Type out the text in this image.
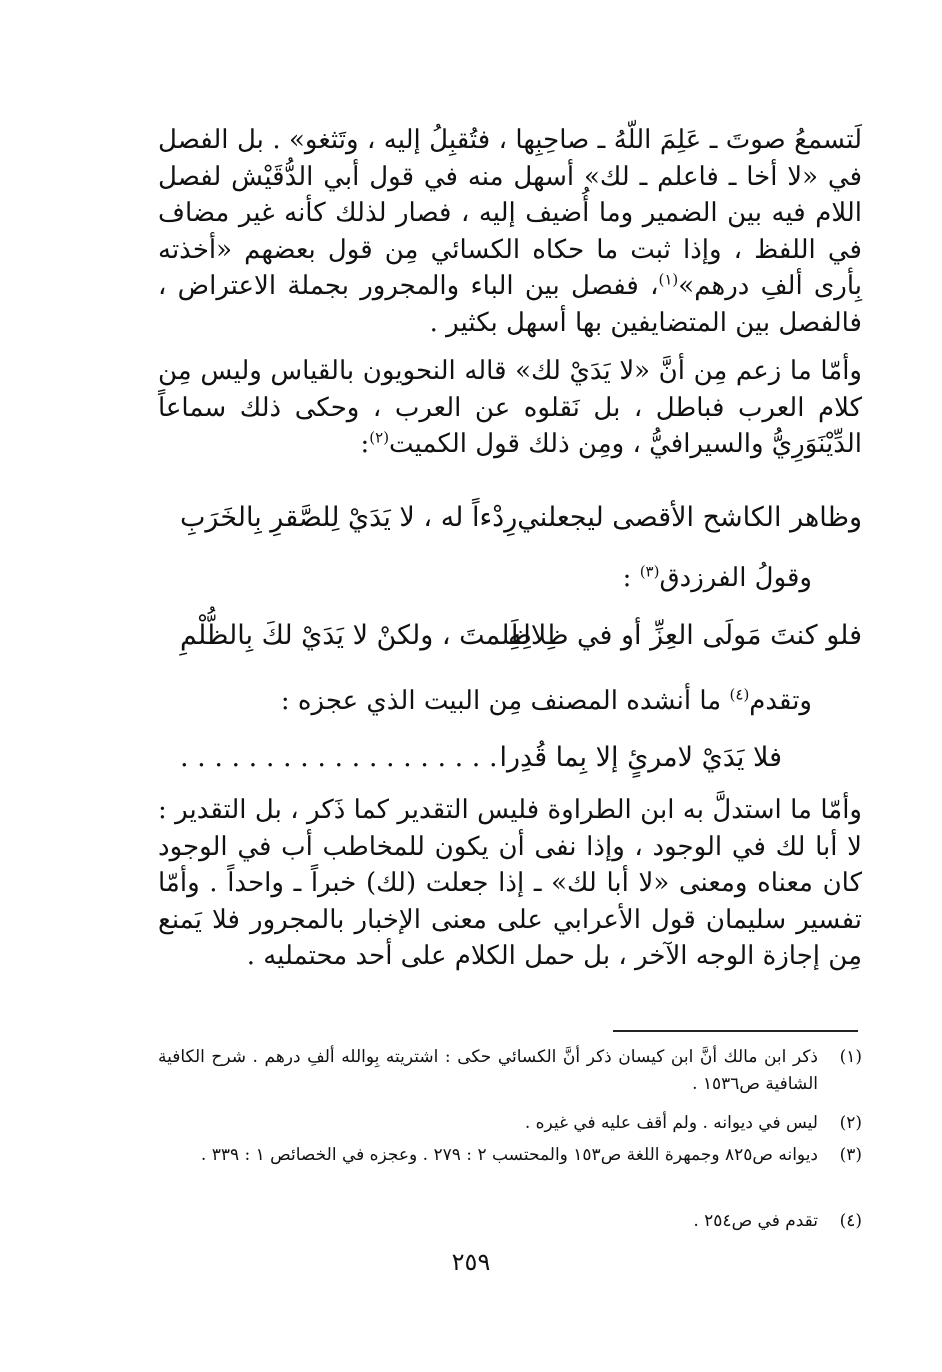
لَتسمعُ صوتَ ـ عَلِمَ اللّهُ ـ صاحِبِها ، فتُقبِلُ إليه ، وتَثغو» . بل الفصل في «لا أخا ـ فاعلم ـ لك» أسهل منه في قول أبي الدُّقَيْش لفصل اللام فيه بين الضمير وما أُضيف إليه ، فصار لذلك كأنه غير مضاف في اللفظ ، وإذا ثبت ما حكاه الكسائي مِن قول بعضهم «أخذته بِأرى ألفِ درهم»$^{(١)}$، ففصل بين الباء والمجرور بجملة الاعتراض ، فالفصل بين المتضايفين بها أسهل بكثير .

وأمّا ما زعم مِن أنَّ «لا يَدَيْ لك» قاله النحويون بالقياس وليس مِن كلام العرب فباطل ، بل نَقلوه عن العرب ، وحكى ذلك سماعاً الدِّيْنَوَرِيُّ والسيرافيُّ ، ومِن ذلك قول الكميت$^{(٢)}$:

وظاهر الكاشح الأقصى ليجعلني
رِدْءاً له ، لا يَدَيْ لِلصَّقرِ بِالخَرَبِ

وقولُ الفرزدق$^{(٣)}$ :

فلو كنتَ مَولَى العِزِّ أو في ظِلالِهِ
ظَلمتَ ، ولكنْ لا يَدَيْ لكَ بِالظُّلْمِ

وتقدم$^{(٤)}$ ما أنشده المصنف مِن البيت الذي عجزه :

فلا يَدَيْ لامرئٍ إلا بِما قُدِرا
. . . . . . . . . . . . . . . . . . .

وأمّا ما استدلَّ به ابن الطراوة فليس التقدير كما ذَكر ، بل التقدير : لا أبا لك في الوجود ، وإذا نفى أن يكون للمخاطب أب في الوجود كان معناه ومعنى «لا أبا لك» ـ إذا جعلت (لك) خبراً ـ واحداً . وأمّا تفسير سليمان قول الأعرابي على معنى الإخبار بالمجرور فلا يَمنع مِن إجازة الوجه الآخر ، بل حمل الكلام على أحد محتمليه .

(١)
ذكر ابن مالك أنَّ ابن كيسان ذكر أنَّ الكسائي حكى : اشتريته بِوالله ألفِ درهم . شرح الكافية الشافية ص١٥٣٦ .
(٢)
ليس في ديوانه . ولم أقف عليه في غيره .
(٣)
ديوانه ص٨٢٥ وجمهرة اللغة ص١٥٣ والمحتسب ٢ : ٢٧٩ . وعجزه في الخصائص ١ : ٣٣٩ .
(٤)
تقدم في ص٢٥٤ .
٢٥٩
